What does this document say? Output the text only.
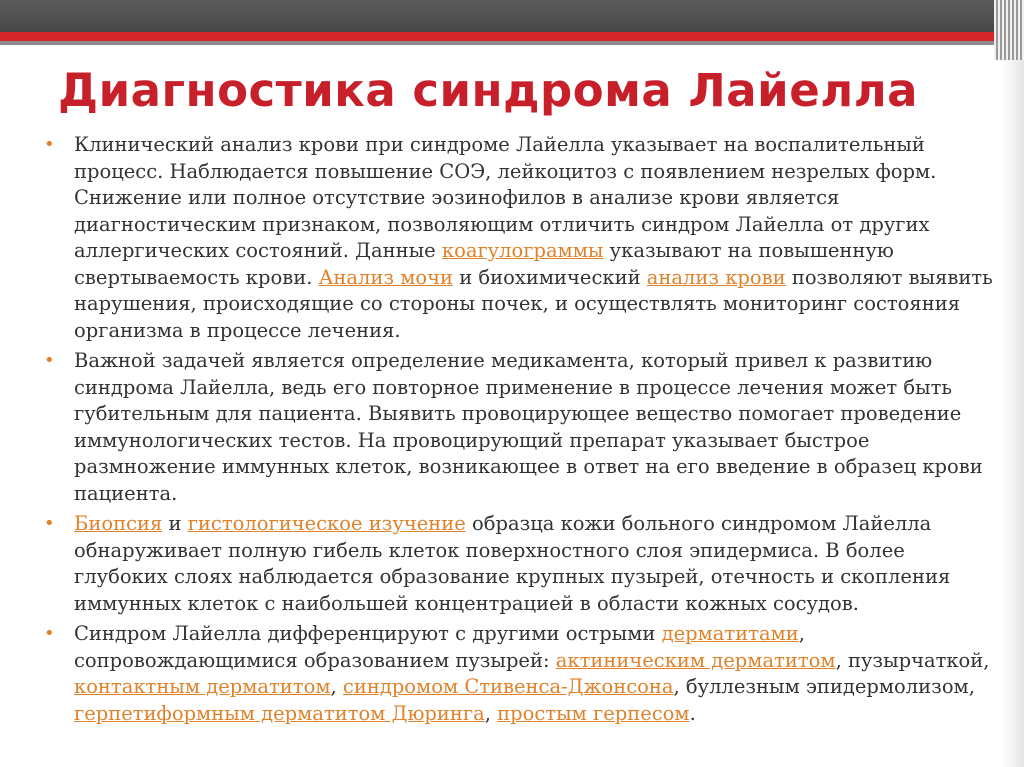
Диагностика синдрома Лайелла
• Клинический анализ крови при синдроме Лайелла указывает на воспалительный процесс. Наблюдается повышение СОЭ, лейкоцитоз с появлением незрелых форм. Снижение или полное отсутствие эозинофилов в анализе крови является диагностическим признаком, позволяющим отличить синдром Лайелла от других аллергических состояний. Данные коагулограммы указывают на повышенную свертываемость крови. Анализ мочи и биохимический анализ крови позволяют выявить нарушения, происходящие со стороны почек, и осуществлять мониторинг состояния организма в процессе лечения.
• Важной задачей является определение медикамента, который привел к развитию синдрома Лайелла, ведь его повторное применение в процессе лечения может быть губительным для пациента. Выявить провоцирующее вещество помогает проведение иммунологических тестов. На провоцирующий препарат указывает быстрое размножение иммунных клеток, возникающее в ответ на его введение в образец крови пациента.
• Биопсия и гистологическое изучение образца кожи больного синдромом Лайелла обнаруживает полную гибель клеток поверхностного слоя эпидермиса. В более глубоких слоях наблюдается образование крупных пузырей, отечность и скопления иммунных клеток с наибольшей концентрацией в области кожных сосудов.
• Синдром Лайелла дифференцируют с другими острыми дерматитами, сопровождающимися образованием пузырей: актиническим дерматитом, пузырчаткой, контактным дерматитом, синдромом Стивенса-Джонсона, буллезным эпидермолизом, герпетиформным дерматитом Дюринга, простым герпесом.
